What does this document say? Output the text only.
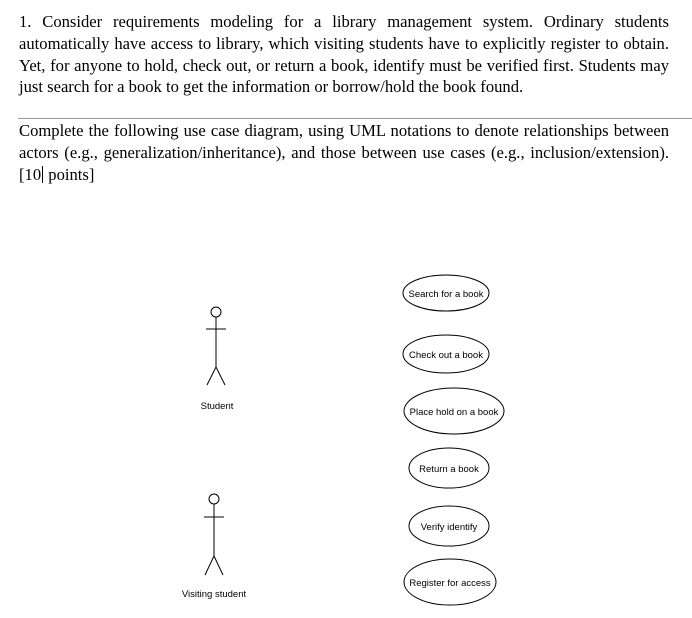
1. Consider requirements modeling for a library management system. Ordinary students automatically have access to library, which visiting students have to explicitly register to obtain. Yet, for anyone to hold, check out, or return a book, identify must be verified first. Students may just search for a book to get the information or borrow/hold the book found.

Complete the following use case diagram, using UML notations to denote relationships between actors (e.g., generalization/inheritance), and those between use cases (e.g., inclusion/extension). [10 points]

Student
Visiting student
Search for a book
Check out a book
Place hold on a book
Return a book
Verify identify
Register for access
